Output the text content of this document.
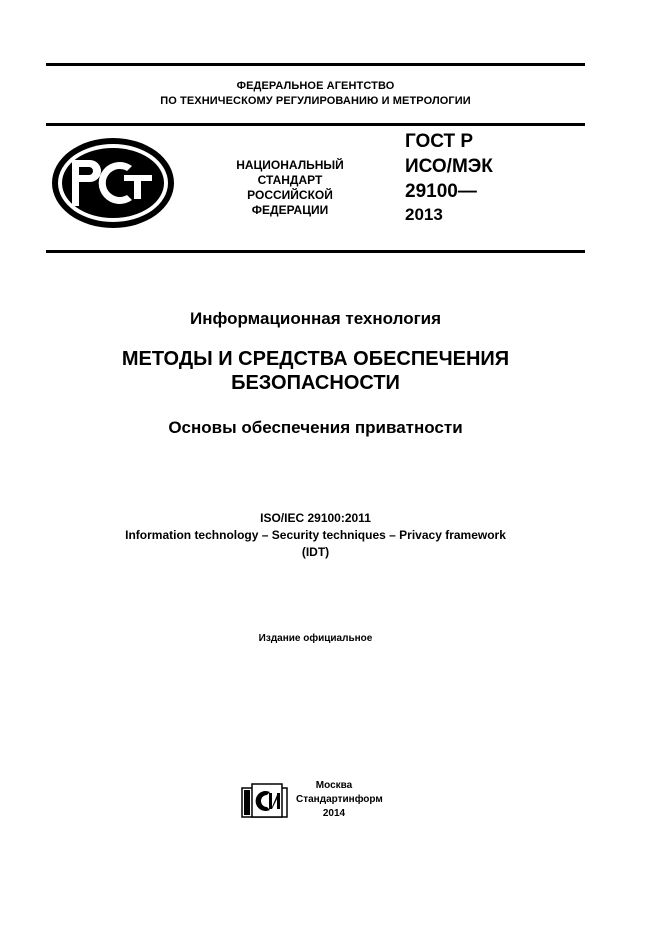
ФЕДЕРАЛЬНОЕ АГЕНТСТВО
ПО ТЕХНИЧЕСКОМУ РЕГУЛИРОВАНИЮ И МЕТРОЛОГИИ
НАЦИОНАЛЬНЫЙ
СТАНДАРТ
РОССИЙСКОЙ
ФЕДЕРАЦИИ
ГОСТ Р
ИСО/МЭК
29100—
2013
Информационная технология
МЕТОДЫ И СРЕДСТВА ОБЕСПЕЧЕНИЯ
БЕЗОПАСНОСТИ
Основы обеспечения приватности
ISO/IEC 29100:2011
Information technology – Security techniques – Privacy framework
(IDT)
Издание официальное
Москва
Стандартинформ
2014
